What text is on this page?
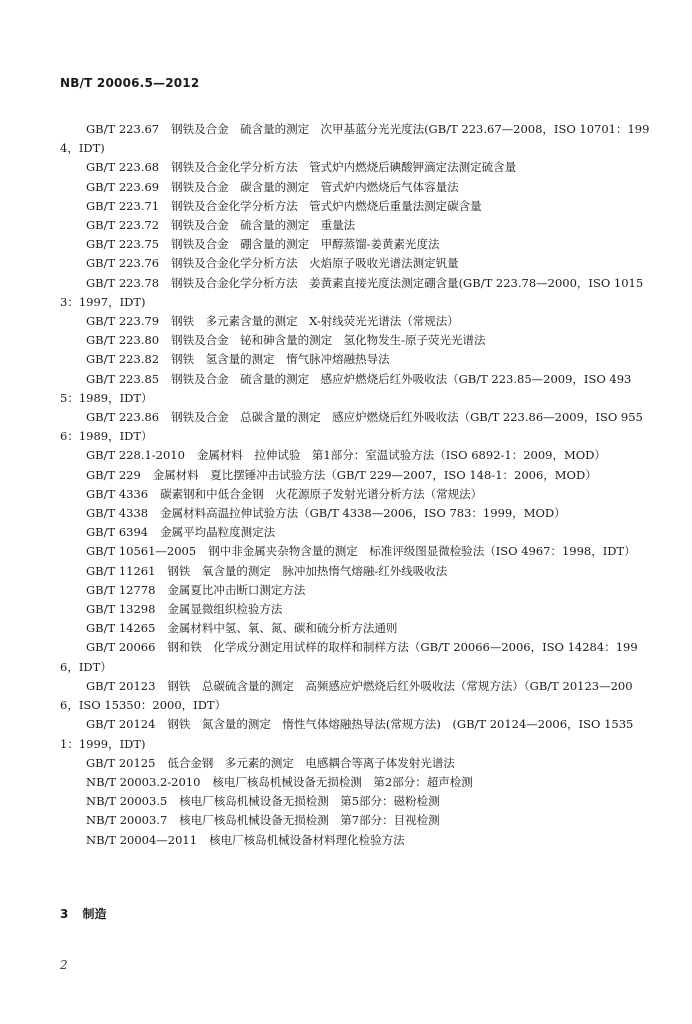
NB/T 20006.5—2012

GB/T 223.67 钢铁及合金　硫含量的测定　次甲基蓝分光光度法(GB/T 223.67—2008，ISO 10701：1994，IDT)

GB/T 223.68 钢铁及合金化学分析方法　管式炉内燃烧后碘酸钾滴定法测定硫含量

GB/T 223.69 钢铁及合金　碳含量的测定　管式炉内燃烧后气体容量法

GB/T 223.71 钢铁及合金化学分析方法　管式炉内燃烧后重量法测定碳含量

GB/T 223.72 钢铁及合金　硫含量的测定　重量法

GB/T 223.75 钢铁及合金　硼含量的测定　甲醇蒸馏-姜黄素光度法

GB/T 223.76 钢铁及合金化学分析方法　火焰原子吸收光谱法测定钒量

GB/T 223.78 钢铁及合金化学分析方法　姜黄素直接光度法测定硼含量(GB/T 223.78—2000，ISO 10153：1997，IDT)

GB/T 223.79 钢铁　多元素含量的测定　X-射线荧光光谱法（常规法）

GB/T 223.80 钢铁及合金　铋和砷含量的测定　氢化物发生-原子荧光光谱法

GB/T 223.82 钢铁　氢含量的测定　惰气脉冲熔融热导法

GB/T 223.85 钢铁及合金　硫含量的测定　感应炉燃烧后红外吸收法（GB/T 223.85—2009，ISO 4935：1989，IDT）

GB/T 223.86 钢铁及合金　总碳含量的测定　感应炉燃烧后红外吸收法（GB/T 223.86—2009，ISO 9556：1989，IDT）

GB/T 228.1-2010 金属材料　拉伸试验　第1部分：室温试验方法（ISO 6892-1：2009，MOD）

GB/T 229 金属材料　夏比摆锤冲击试验方法（GB/T 229—2007，ISO 148-1：2006，MOD）

GB/T 4336 碳素钢和中低合金钢　火花源原子发射光谱分析方法（常规法）

GB/T 4338 金属材料高温拉伸试验方法（GB/T 4338—2006，ISO 783：1999，MOD）

GB/T 6394 金属平均晶粒度测定法

GB/T 10561—2005 钢中非金属夹杂物含量的测定　标准评级图显微检验法（ISO 4967：1998，IDT）

GB/T 11261 钢铁　氧含量的测定　脉冲加热惰气熔融-红外线吸收法

GB/T 12778 金属夏比冲击断口测定方法

GB/T 13298 金属显微组织检验方法

GB/T 14265 金属材料中氢、氧、氮、碳和硫分析方法通则

GB/T 20066 钢和铁　化学成分测定用试样的取样和制样方法（GB/T 20066—2006，ISO 14284：1996，IDT）

GB/T 20123 钢铁　总碳硫含量的测定　高频感应炉燃烧后红外吸收法（常规方法）（GB/T 20123—2006，ISO 15350：2000，IDT）

GB/T 20124 钢铁　氮含量的测定　惰性气体熔融热导法(常规方法)　(GB/T 20124—2006，ISO 15351：1999，IDT)

GB/T 20125 低合金钢　多元素的测定　电感耦合等离子体发射光谱法

NB/T 20003.2-2010 核电厂核岛机械设备无损检测　第2部分：超声检测

NB/T 20003.5 核电厂核岛机械设备无损检测　第5部分：磁粉检测

NB/T 20003.7 核电厂核岛机械设备无损检测　第7部分：目视检测

NB/T 20004—2011 核电厂核岛机械设备材料理化检验方法

3 制造
2
